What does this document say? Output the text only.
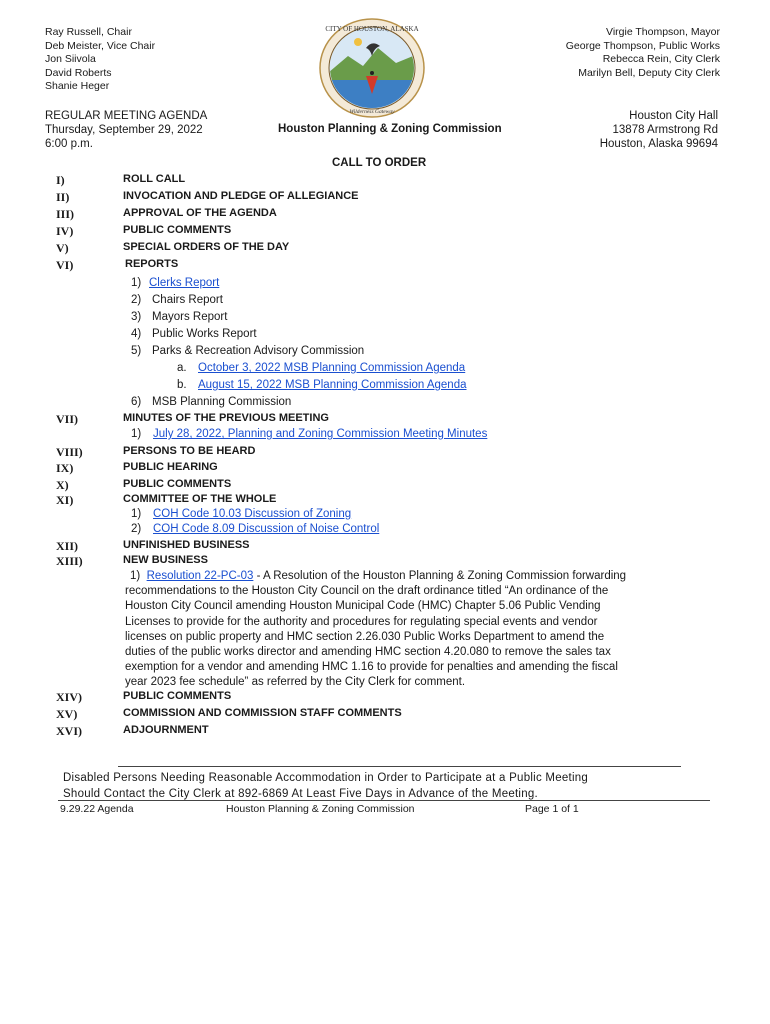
Ray Russell, Chair
Deb Meister, Vice Chair
Jon Siivola
David Roberts
Shanie Heger
CITY OF HOUSTON, ALASKA
Wilderness Gateway
Virgie Thompson, Mayor
George Thompson, Public Works
Rebecca Rein, City Clerk
Marilyn Bell, Deputy City Clerk
REGULAR MEETING AGENDA
Thursday, September 29, 2022
6:00 p.m.
Houston Planning & Zoning Commission
Houston City Hall
13878 Armstrong Rd
Houston, Alaska 99694
CALL TO ORDER
I)	ROLL CALL
II)	INVOCATION AND PLEDGE OF ALLEGIANCE
III)	APPROVAL OF THE AGENDA
IV)	PUBLIC COMMENTS
V)	SPECIAL ORDERS OF THE DAY
VI)	REPORTS
1) Clerks Report
2) Chairs Report
3) Mayors Report
4) Public Works Report
5) Parks & Recreation Advisory Commission
a. October 3, 2022 MSB Planning Commission Agenda
b. August 15, 2022 MSB Planning Commission Agenda
6) MSB Planning Commission
VII)	MINUTES OF THE PREVIOUS MEETING
1) July 28, 2022, Planning and Zoning Commission Meeting Minutes
VIII)	PERSONS TO BE HEARD
IX)	PUBLIC HEARING
X)	PUBLIC COMMENTS
XI)	COMMITTEE OF THE WHOLE
1) COH Code 10.03 Discussion of Zoning
2) COH Code 8.09 Discussion of Noise Control
XII)	UNFINISHED BUSINESS
XIII)	NEW BUSINESS
1) Resolution 22-PC-03 - A Resolution of the Houston Planning & Zoning Commission forwarding
recommendations to the Houston City Council on the draft ordinance titled “An ordinance of the
Houston City Council amending Houston Municipal Code (HMC) Chapter 5.06 Public Vending
Licenses to provide for the authority and procedures for regulating special events and vendor
licenses on public property and HMC section 2.26.030 Public Works Department to amend the
duties of the public works director and amending HMC section 4.20.080 to remove the sales tax
exemption for a vendor and amending HMC 1.16 to provide for penalties and amending the fiscal
year 2023 fee schedule” as referred by the City Clerk for comment.
XIV)	PUBLIC COMMENTS
XV)	COMMISSION AND COMMISSION STAFF COMMENTS
XVI)	ADJOURNMENT
Disabled Persons Needing Reasonable Accommodation in Order to Participate at a Public Meeting
Should Contact the City Clerk at 892-6869 At Least Five Days in Advance of the Meeting.
9.29.22 Agenda	Houston Planning & Zoning Commission	Page 1 of 1
